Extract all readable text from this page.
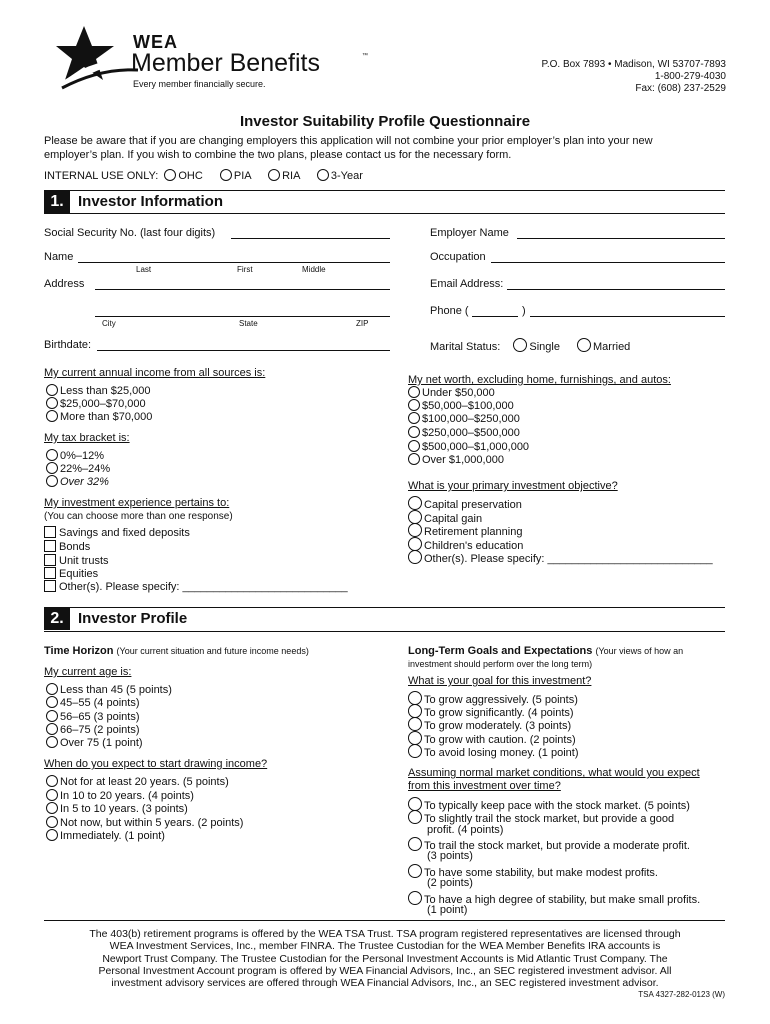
WEA
Member Benefits	™
Every member financially secure.
P.O. Box 7893 • Madison, WI 53707-7893
1-800-279-4030
Fax: (608) 237-2529
Investor Suitability Profile Questionnaire
Please be aware that if you are changing employers this application will not combine your prior employer’s plan into your new
employer’s plan. If you wish to combine the two plans, please contact us for the necessary form.
INTERNAL USE ONLY: OHC	PIA	RIA	3-Year
1. Investor Information
Social Security No. (last four digits)
Name
Last	First	Middle
Address
City	State	ZIP
Birthdate:
Employer Name
Occupation
Email Address:
Phone (	)
Marital Status:	Single	Married
My current annual income from all sources is:
Less than $25,000
$25,000–$70,000
More than $70,000
My tax bracket is:
0%–12%
22%–24%
Over 32%
My investment experience pertains to:
(You can choose more than one response)
Savings and fixed deposits
Bonds
Unit trusts
Equities
Other(s). Please specify: ___________________________
My net worth, excluding home, furnishings, and autos:
Under $50,000
$50,000–$100,000
$100,000–$250,000
$250,000–$500,000
$500,000–$1,000,000
Over $1,000,000
What is your primary investment objective?
Capital preservation
Capital gain
Retirement planning
Children's education
Other(s). Please specify: ___________________________
2. Investor Profile
Time Horizon (Your current situation and future income needs)
My current age is:
Less than 45 (5 points)
45–55 (4 points)
56–65 (3 points)
66–75 (2 points)
Over 75 (1 point)
When do you expect to start drawing income?
Not for at least 20 years. (5 points)
In 10 to 20 years. (4 points)
In 5 to 10 years. (3 points)
Not now, but within 5 years. (2 points)
Immediately. (1 point)
Long-Term Goals and Expectations (Your views of how an
investment should perform over the long term)
What is your goal for this investment?
To grow aggressively. (5 points)
To grow significantly. (4 points)
To grow moderately. (3 points)
To grow with caution. (2 points)
To avoid losing money. (1 point)
Assuming normal market conditions, what would you expect
from this investment over time?
To typically keep pace with the stock market. (5 points)
To slightly trail the stock market, but provide a good
profit. (4 points)
To trail the stock market, but provide a moderate profit.
(3 points)
To have some stability, but make modest profits.
(2 points)
To have a high degree of stability, but make small profits.
(1 point)
The 403(b) retirement programs is offered by the WEA TSA Trust. TSA program registered representatives are licensed through
WEA Investment Services, Inc., member FINRA. The Trustee Custodian for the WEA Member Benefits IRA accounts is
Newport Trust Company. The Trustee Custodian for the Personal Investment Accounts is Mid Atlantic Trust Company. The
Personal Investment Account program is offered by WEA Financial Advisors, Inc., an SEC registered investment advisor. All
investment advisory services are offered through WEA Financial Advisors, Inc., an SEC registered investment advisor.
TSA 4327-282-0123 (W)
